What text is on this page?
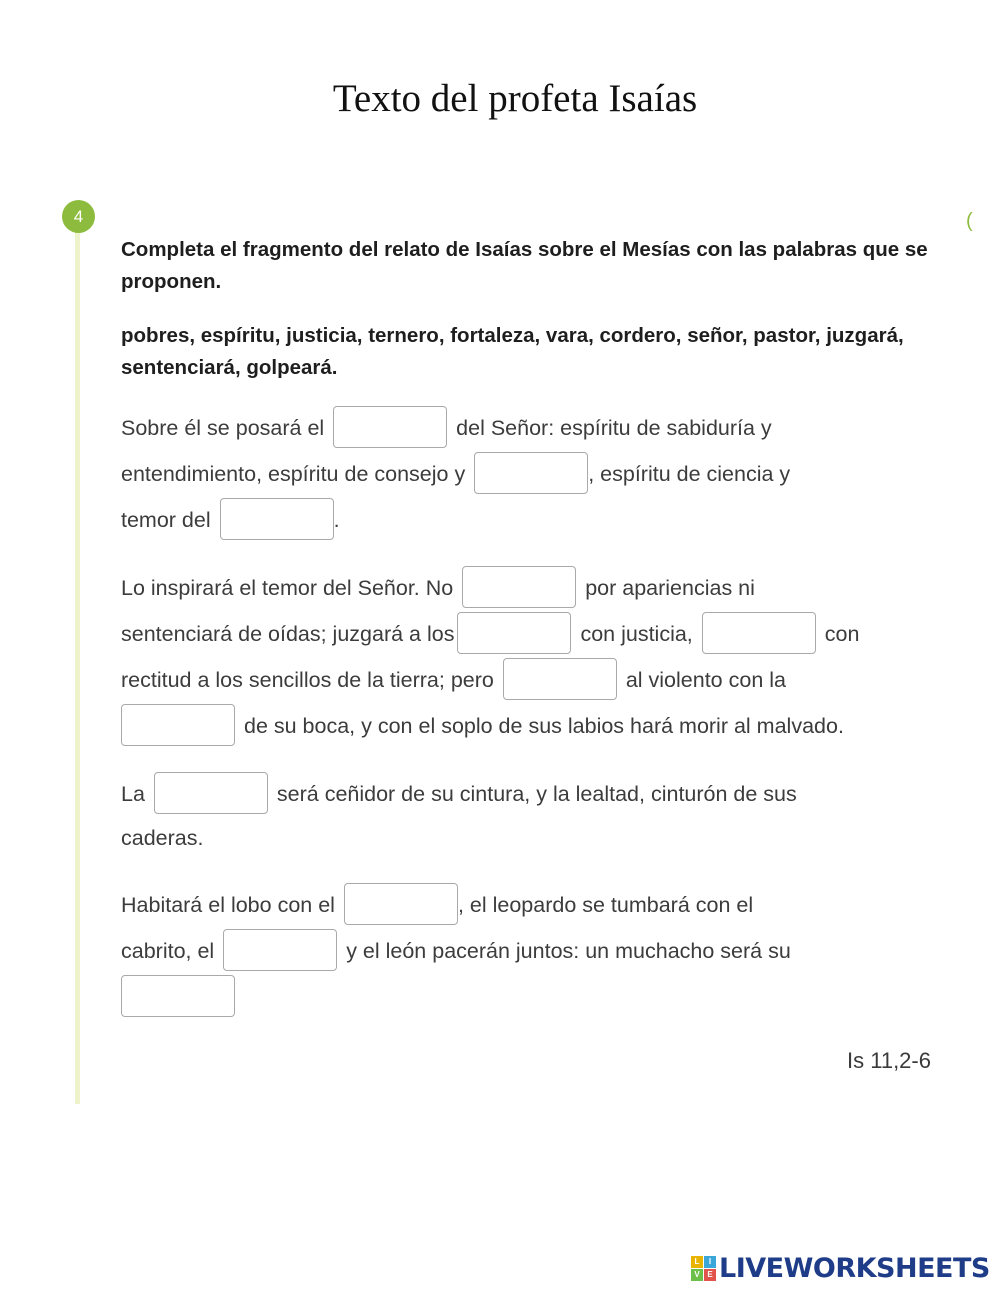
Texto del profeta Isaías
4	(

Completa el fragmento del relato de Isaías sobre el Mesías con las palabras que se proponen.

pobres, espíritu, justicia, ternero, fortaleza, vara, cordero, señor, pastor, juzgará, sentenciará, golpeará.

Sobre él se posará el	del Señor: espíritu de sabiduría y
entendimiento, espíritu de consejo y	, espíritu de ciencia y
temor del	.
Lo inspirará el temor del Señor. No	por apariencias ni
sentenciará de oídas; juzgará a los	con justicia,	con
rectitud a los sencillos de la tierra; pero	al violento con la
de su boca, y con el soplo de sus labios hará morir al malvado.
La	será ceñidor de su cintura, y la lealtad, cinturón de sus
caderas.
Habitará el lobo con el	, el leopardo se tumbará con el
cabrito, el	y el león pacerán juntos: un muchacho será su

Is 11,2-6
L	I
V E LIVEWORKSHEETS
